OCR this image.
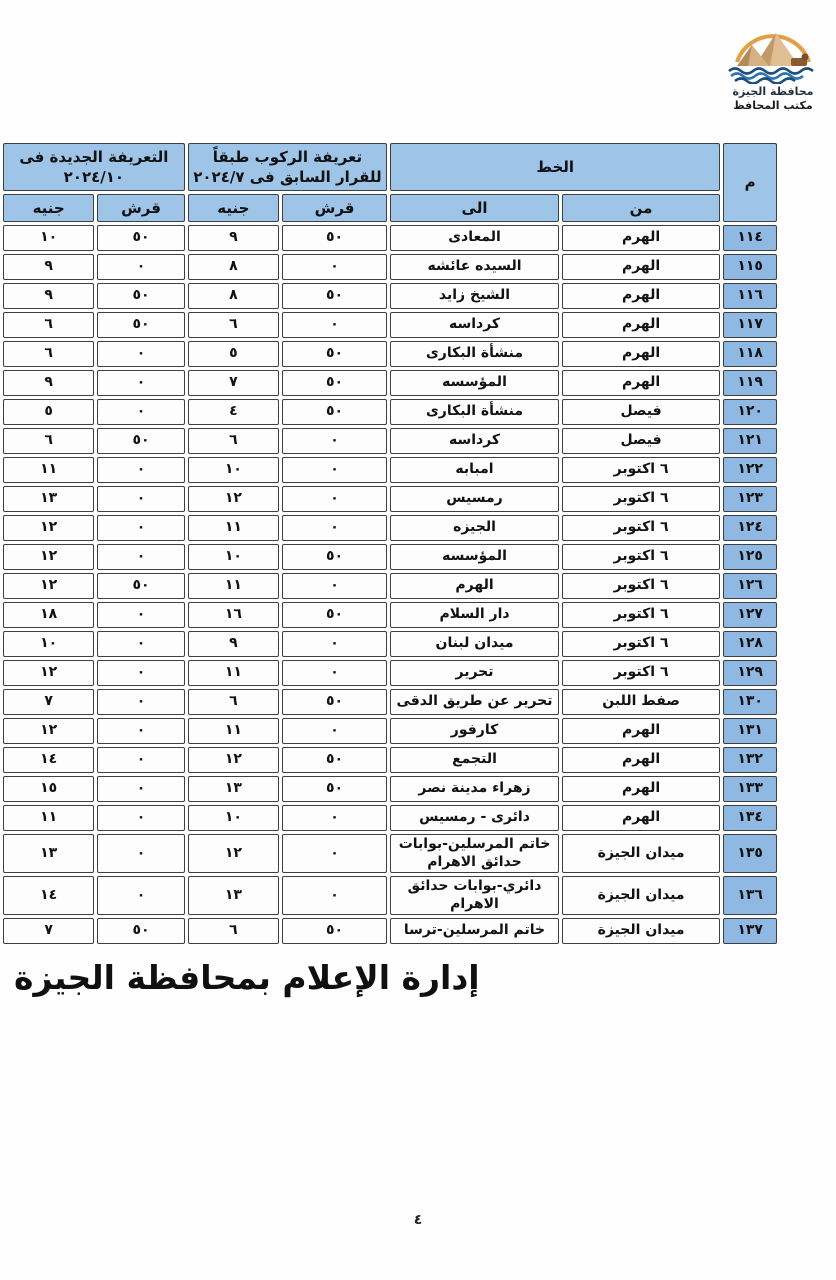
محافظة الجيزة
مكتب المحافظ
م	الخط		تعريفة الركوب طبقاً للقرار السابق فى ٢٠٢٤/٧		التعريفة الجديدة فى ٢٠٢٤/١٠	
	من	الى	قرش	جنيه	قرش	جنيه
١١٤	الهرم	المعادى	٥٠	٩	٥٠	١٠
١١٥	الهرم	السيده عائشه	٠	٨	٠	٩
١١٦	الهرم	الشيخ زايد	٥٠	٨	٥٠	٩
١١٧	الهرم	كرداسه	٠	٦	٥٠	٦
١١٨	الهرم	منشأة البكارى	٥٠	٥	٠	٦
١١٩	الهرم	المؤسسه	٥٠	٧	٠	٩
١٢٠	فيصل	منشأة البكارى	٥٠	٤	٠	٥
١٢١	فيصل	كرداسه	٠	٦	٥٠	٦
١٢٢	٦ اكتوبر	امبابه	٠	١٠	٠	١١
١٢٣	٦ اكتوبر	رمسيس	٠	١٢	٠	١٣
١٢٤	٦ اكتوبر	الجيزه	٠	١١	٠	١٢
١٢٥	٦ اكتوبر	المؤسسه	٥٠	١٠	٠	١٢
١٢٦	٦ اكتوبر	الهرم	٠	١١	٥٠	١٢
١٢٧	٦ اكتوبر	دار السلام	٥٠	١٦	٠	١٨
١٢٨	٦ اكتوبر	ميدان لبنان	٠	٩	٠	١٠
١٢٩	٦ اكتوبر	تحرير	٠	١١	٠	١٢
١٣٠	صفط اللبن	تحرير عن طريق الدقى	٥٠	٦	٠	٧
١٣١	الهرم	كارفور	٠	١١	٠	١٢
١٣٢	الهرم	التجمع	٥٠	١٢	٠	١٤
١٣٣	الهرم	زهراء مدينة نصر	٥٠	١٣	٠	١٥
١٣٤	الهرم	دائرى - رمسيس	٠	١٠	٠	١١
١٣٥	ميدان الجيزة	خاتم المرسلين-بوابات حدائق الاهرام	٠	١٢	٠	١٣
١٣٦	ميدان الجيزة	دائري-بوابات حدائق الاهرام	٠	١٣	٠	١٤
١٣٧	ميدان الجيزة	خاتم المرسلين-ترسا	٥٠	٦	٥٠	٧
إدارة الإعلام بمحافظة الجيزة
٤
